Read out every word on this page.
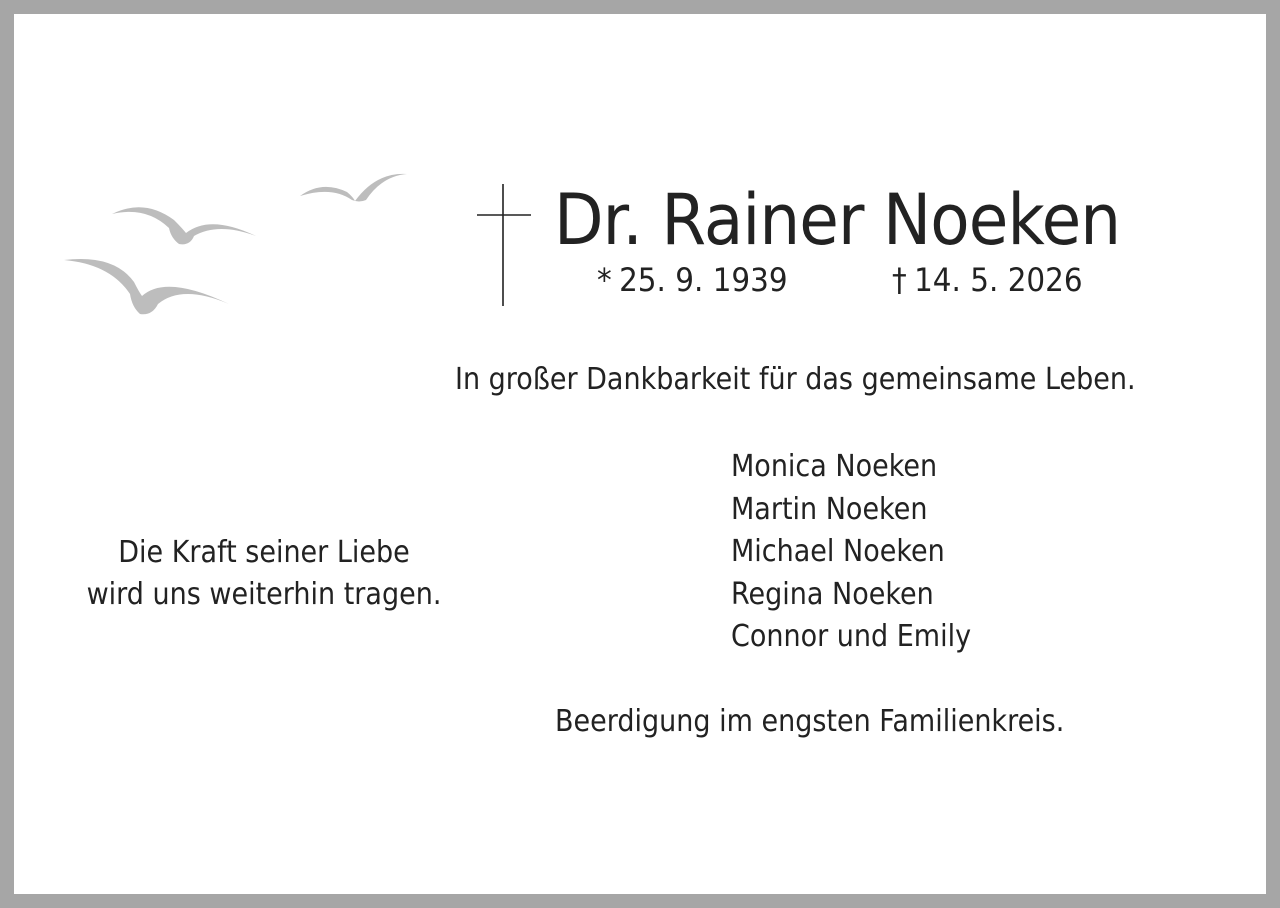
Dr. Rainer Noeken
* 25. 9. 1939	† 14. 5. 2026
In großer Dankbarkeit für das gemeinsame Leben.
Monica Noeken
Martin Noeken
Michael Noeken
Regina Noeken
Connor und Emily
Die Kraft seiner Liebe
wird uns weiterhin tragen.
Beerdigung im engsten Familienkreis.
